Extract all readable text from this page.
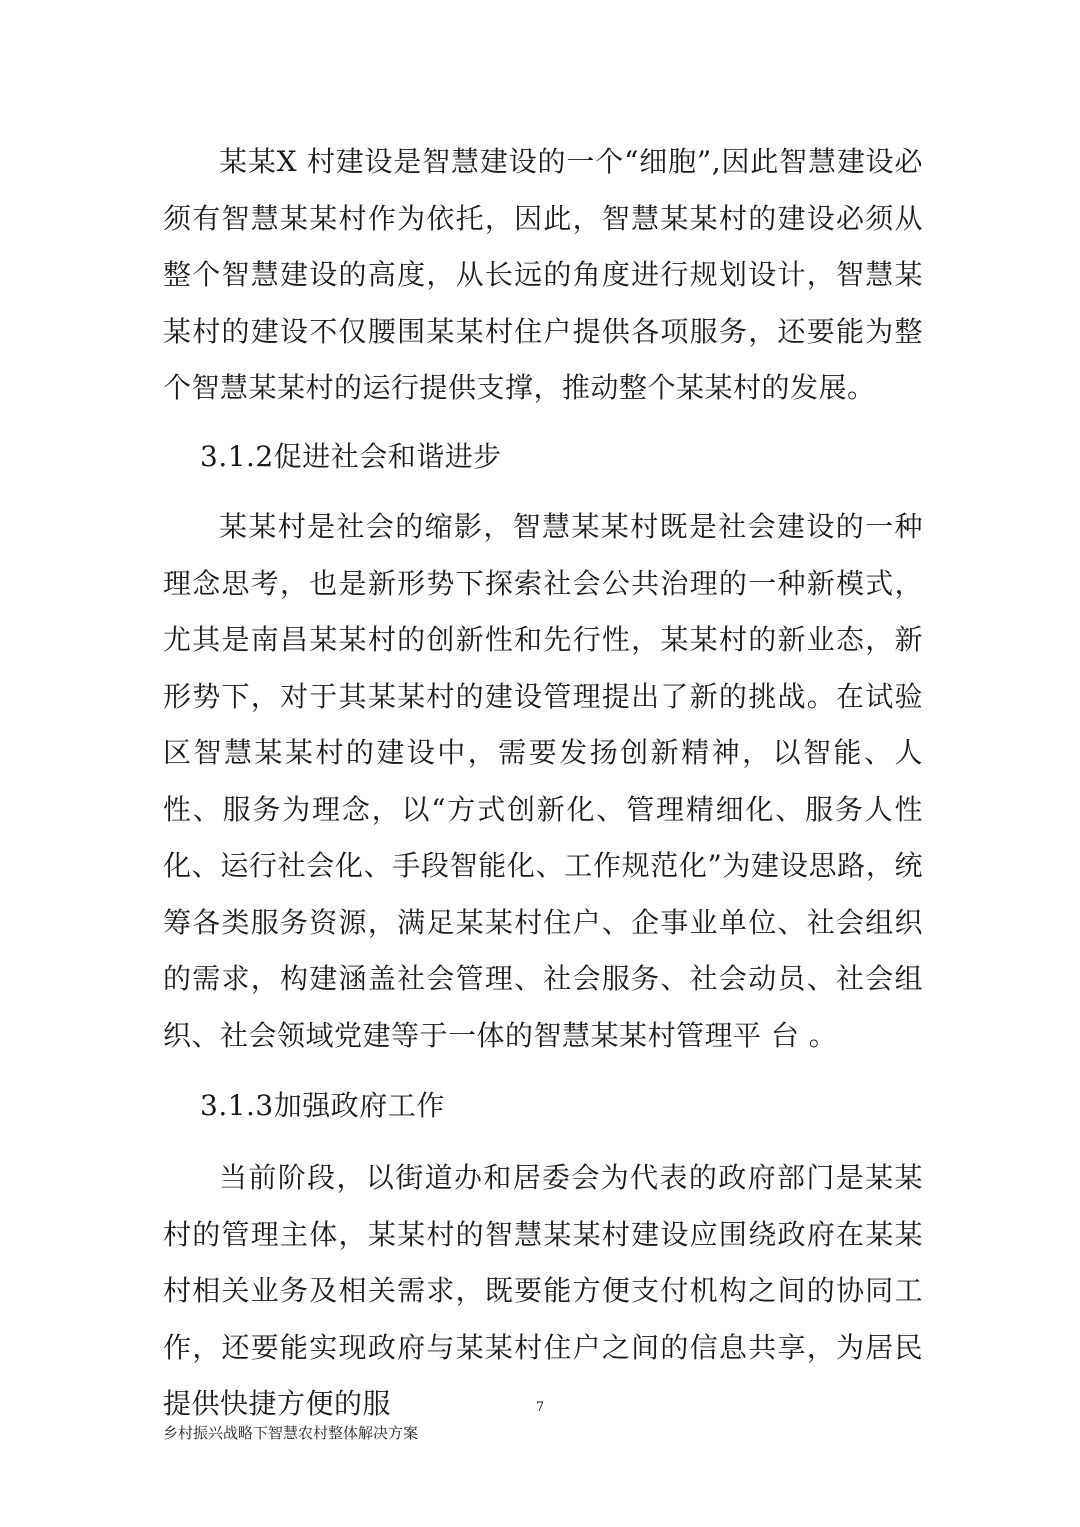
某某X 村建设是智慧建设的一个“细胞”,因此智慧建设必须有智慧某某村作为依托，因此，智慧某某村的建设必须从整个智慧建设的高度，从长远的角度进行规划设计，智慧某某村的建设不仅腰围某某村住户提供各项服务，还要能为整个智慧某某村的运行提供支撑，推动整个某某村的发展。

3.1.2促进社会和谐进步

某某村是社会的缩影，智慧某某村既是社会建设的一种理念思考，也是新形势下探索社会公共治理的一种新模式，尤其是南昌某某村的创新性和先行性，某某村的新业态，新形势下，对于其某某村的建设管理提出了新的挑战。在试验区智慧某某村的建设中，需要发扬创新精神，以智能、人性、服务为理念，以“方式创新化、管理精细化、服务人性化、运行社会化、手段智能化、工作规范化”为建设思路，统筹各类服务资源，满足某某村住户、企事业单位、社会组织的需求，构建涵盖社会管理、社会服务、社会动员、社会组织、社会领域党建等于一体的智慧某某村管理平 台 。

3.1.3加强政府工作

当前阶段，以街道办和居委会为代表的政府部门是某某村的管理主体，某某村的智慧某某村建设应围绕政府在某某村相关业务及相关需求，既要能方便支付机构之间的协同工作，还要能实现政府与某某村住户之间的信息共享，为居民提供快捷方便的服	7

乡村振兴战略下智慧农村整体解决方案
